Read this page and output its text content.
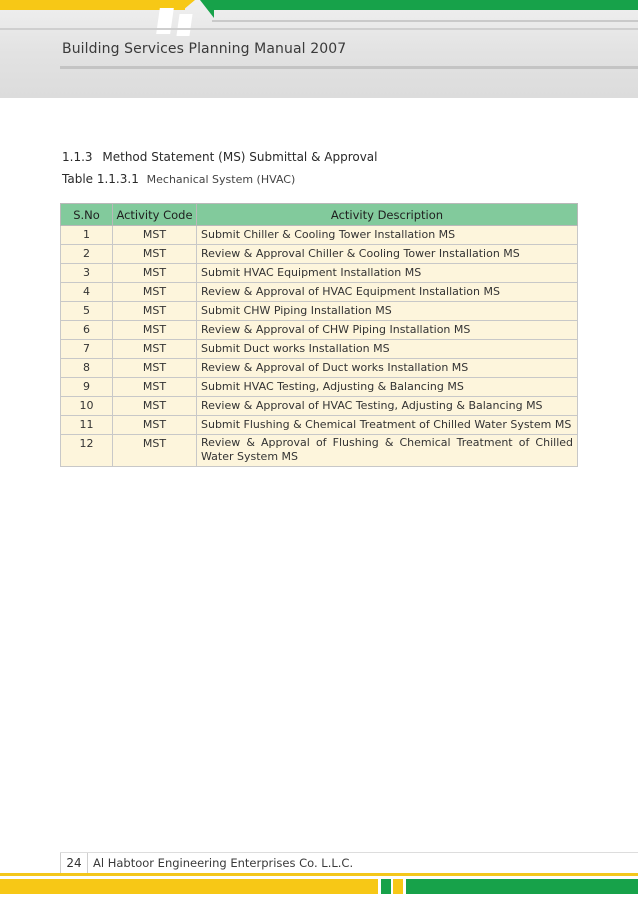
Building Services Planning Manual 2007
1.1.3 Method Statement (MS) Submittal & Approval
Table 1.1.3.1 Mechanical System (HVAC)
S.No	Activity Code	Activity Description
1	MST	Submit Chiller & Cooling Tower Installation MS
2	MST	Review & Approval Chiller & Cooling Tower Installation MS
3	MST	Submit HVAC Equipment Installation MS
4	MST	Review & Approval of HVAC Equipment Installation MS
5	MST	Submit CHW Piping Installation MS
6	MST	Review & Approval of CHW Piping Installation MS
7	MST	Submit Duct works Installation MS
8	MST	Review & Approval of Duct works Installation MS
9	MST	Submit HVAC Testing, Adjusting & Balancing MS
10	MST	Review & Approval of HVAC Testing, Adjusting & Balancing MS
11	MST	Submit Flushing & Chemical Treatment of Chilled Water System MS
12	MST	Review & Approval of Flushing & Chemical Treatment of Chilled Water System MS
24 Al Habtoor Engineering Enterprises Co. L.L.C.
